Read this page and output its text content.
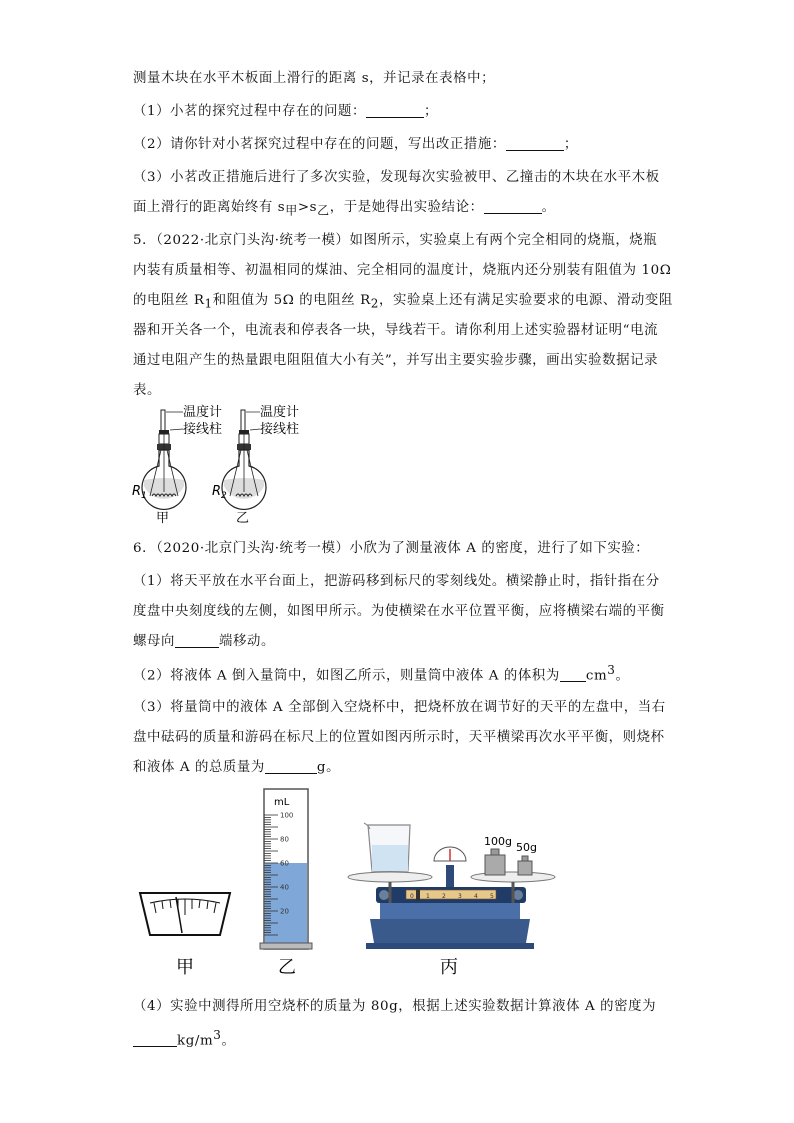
测量木块在水平木板面上滑行的距离 s，并记录在表格中；
（1）小茗的探究过程中存在的问题：	；
（2）请你针对小茗探究过程中存在的问题，写出改正措施：	；
（3）小茗改正措施后进行了多次实验，发现每次实验被甲、乙撞击的木块在水平木板
面上滑行的距离始终有 $s_甲>s_乙$，于是她得出实验结论：	。
5．（2022·北京门头沟·统考一模）如图所示，实验桌上有两个完全相同的烧瓶，烧瓶
内装有质量相等、初温相同的煤油、完全相同的温度计，烧瓶内还分别装有阻值为 10Ω
的电阻丝 $R_1$和阻值为 5Ω 的电阻丝 $R_2$，实验桌上还有满足实验要求的电源、滑动变阻
器和开关各一个，电流表和停表各一块，导线若干。请你利用上述实验器材证明“电流
通过电阻产生的热量跟电阻阻值大小有关”，并写出主要实验步骤，画出实验数据记录
表。
温度计
接线柱
$R_1$
甲
温度计
接线柱
$R_2$
乙
6．（2020·北京门头沟·统考一模）小欣为了测量液体 A 的密度，进行了如下实验：
（1）将天平放在水平台面上，把游码移到标尺的零刻线处。横梁静止时，指针指在分
度盘中央刻度线的左侧，如图甲所示。为使横梁在水平位置平衡，应将横梁右端的平衡
螺母向	端移动。
（2）将液体 A 倒入量筒中，如图乙所示，则量筒中液体 A 的体积为 $cm^3$。
（3）将量筒中的液体 A 全部倒入空烧杯中，把烧杯放在调节好的天平的左盘中，当右
盘中砝码的质量和游码在标尺上的位置如图丙所示时，天平横梁再次水平平衡，则烧杯
和液体 A 的总质量为	g。
甲
mL
100
80
60
40
20
乙
100g 50g
0 1 2 3 4 5
丙
（4）实验中测得所用空烧杯的质量为 80g，根据上述实验数据计算液体 A 的密度为
$kg/m^3$。
